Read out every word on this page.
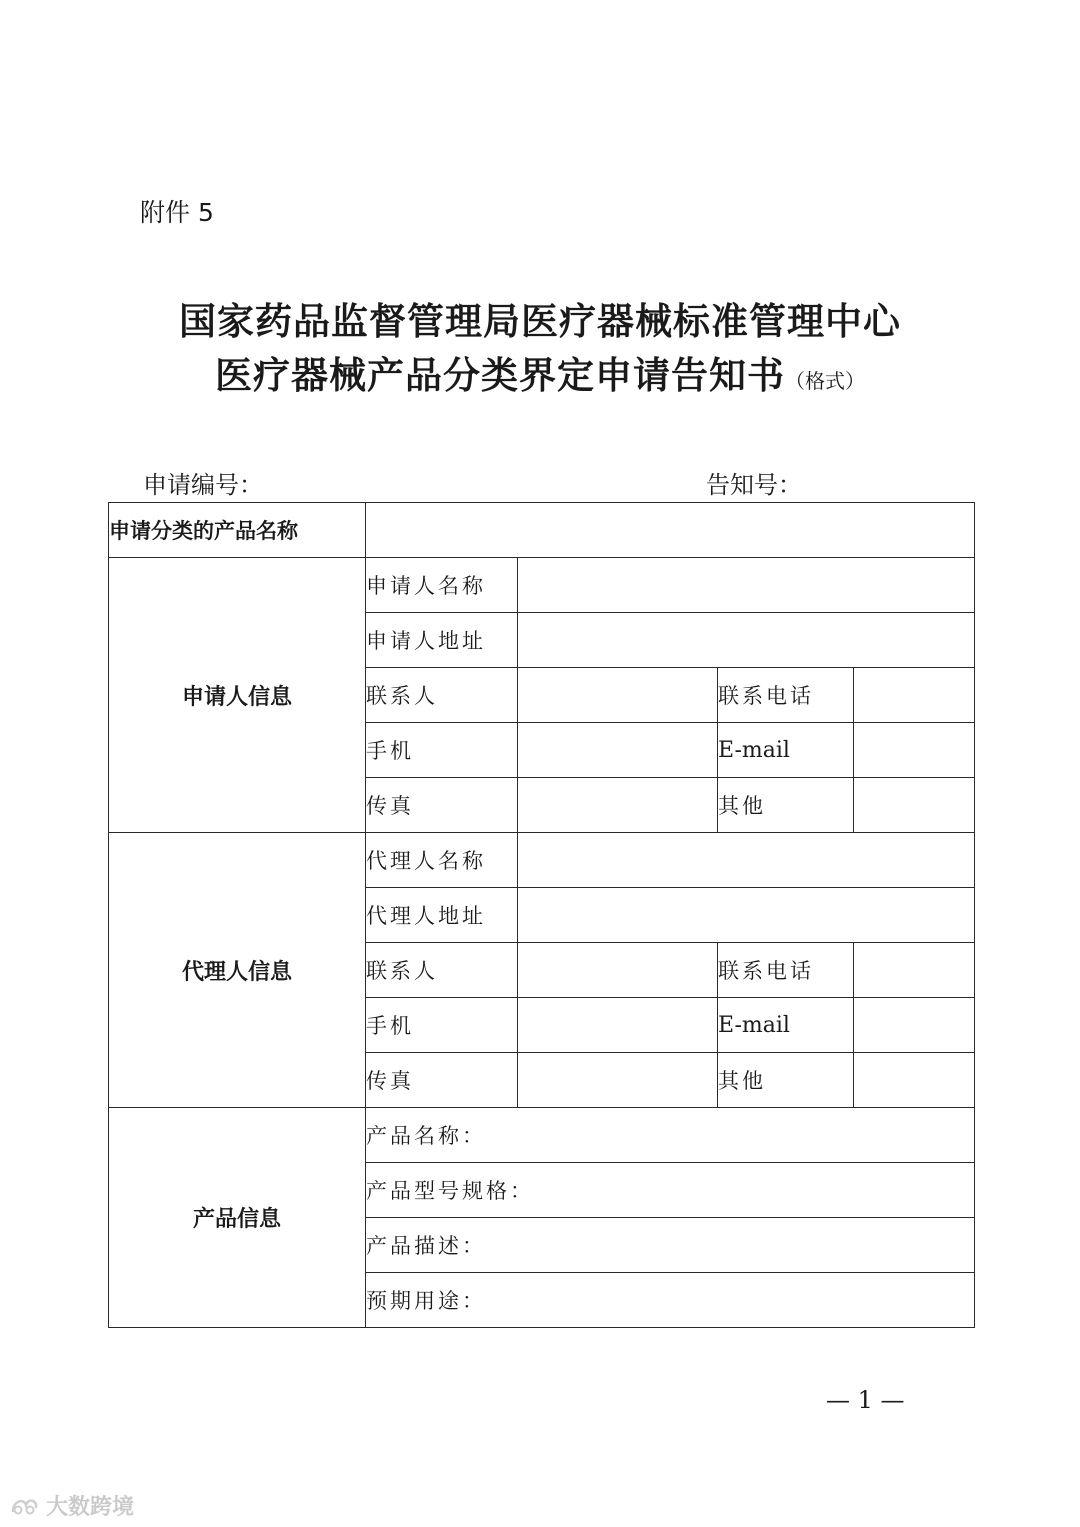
附件 5
国家药品监督管理局医疗器械标准管理中心
医疗器械产品分类界定申请告知书（格式）
申请编号：	告知号：
申请分类的产品名称				
申请人信息	申请人名称			
	申请人地址			
	联系人		联系电话	
	手机		E-mail	
	传真		其他	
代理人信息	代理人名称			
	代理人地址			
	联系人		联系电话	
	手机		E-mail	
	传真		其他	
产品信息	产品名称：			
	产品型号规格：			
	产品描述：			
	预期用途：			
— 1 —
大数跨境
